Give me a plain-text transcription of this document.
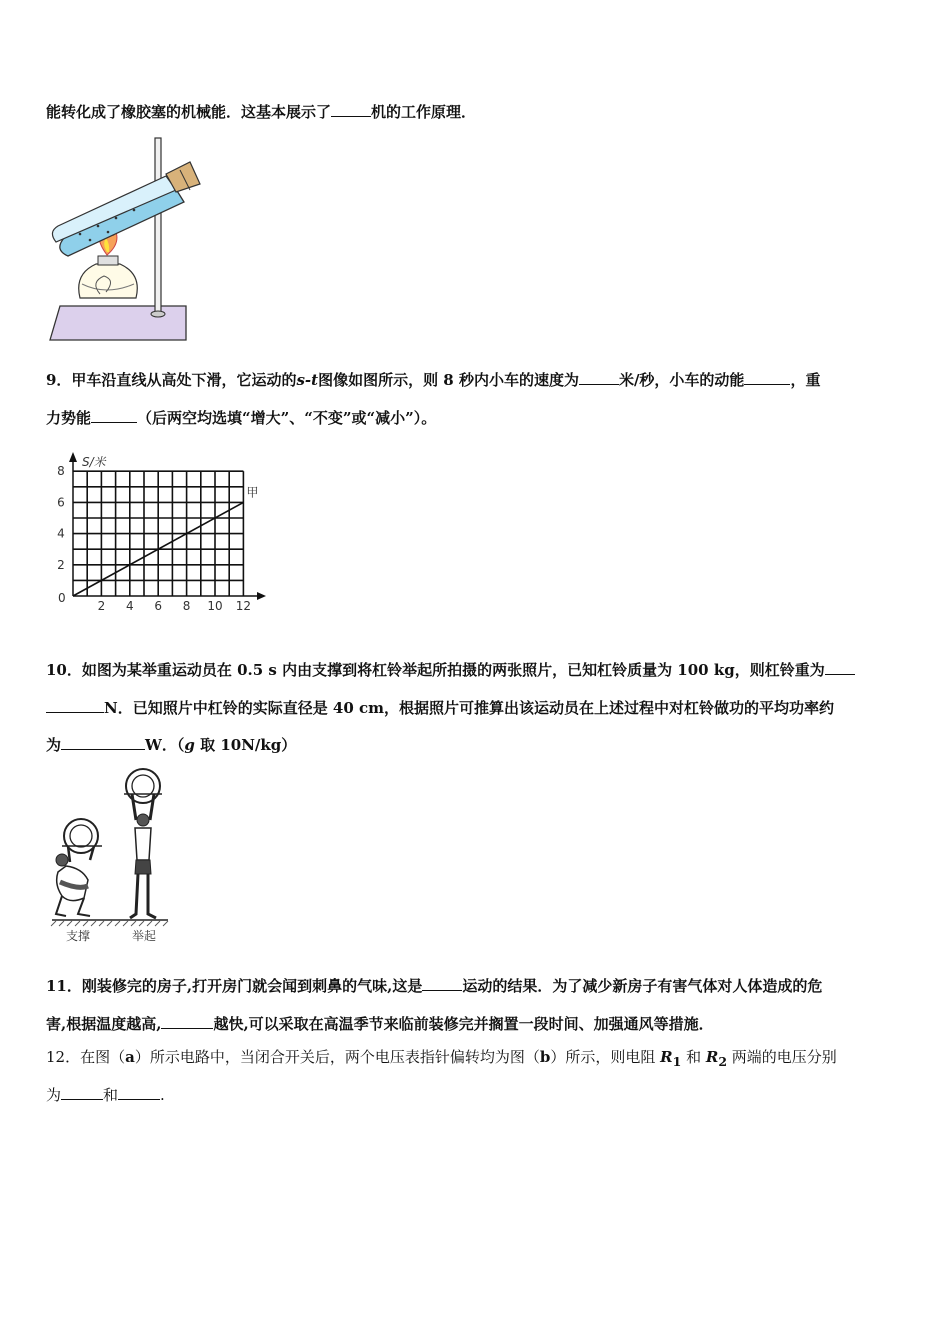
能转化成了橡胶塞的机械能．这基本展示了	机的工作原理．
9．甲车沿直线从高处下滑，它运动的s-t图像如图所示，则 8 秒内小车的速度为	米/秒，小车的动能	，重
力势能	（后两空均选填“增大”、“不变”或“减小”）。
2 4 6 8 10 12
2
4
6
8
S/米
0
甲
10．如图为某举重运动员在 0.5 s 内由支撑到将杠铃举起所拍摄的两张照片，已知杠铃质量为 100 kg，则杠铃重为
N．已知照片中杠铃的实际直径是 40 cm，根据照片可推算出该运动员在上述过程中对杠铃做功的平均功率约
为	W．（g 取 10N/kg）
支撑	举起
11．刚装修完的房子,打开房门就会闻到刺鼻的气味,这是	运动的结果．为了减少新房子有害气体对人体造成的危
害,根据温度越高,	越快,可以采取在高温季节来临前装修完并搁置一段时间、加强通风等措施．
12．在图（a）所示电路中，当闭合开关后，两个电压表指针偏转均为图（b）所示，则电阻 $R_1$ 和 $R_2$ 两端的电压分别
为	和	.
